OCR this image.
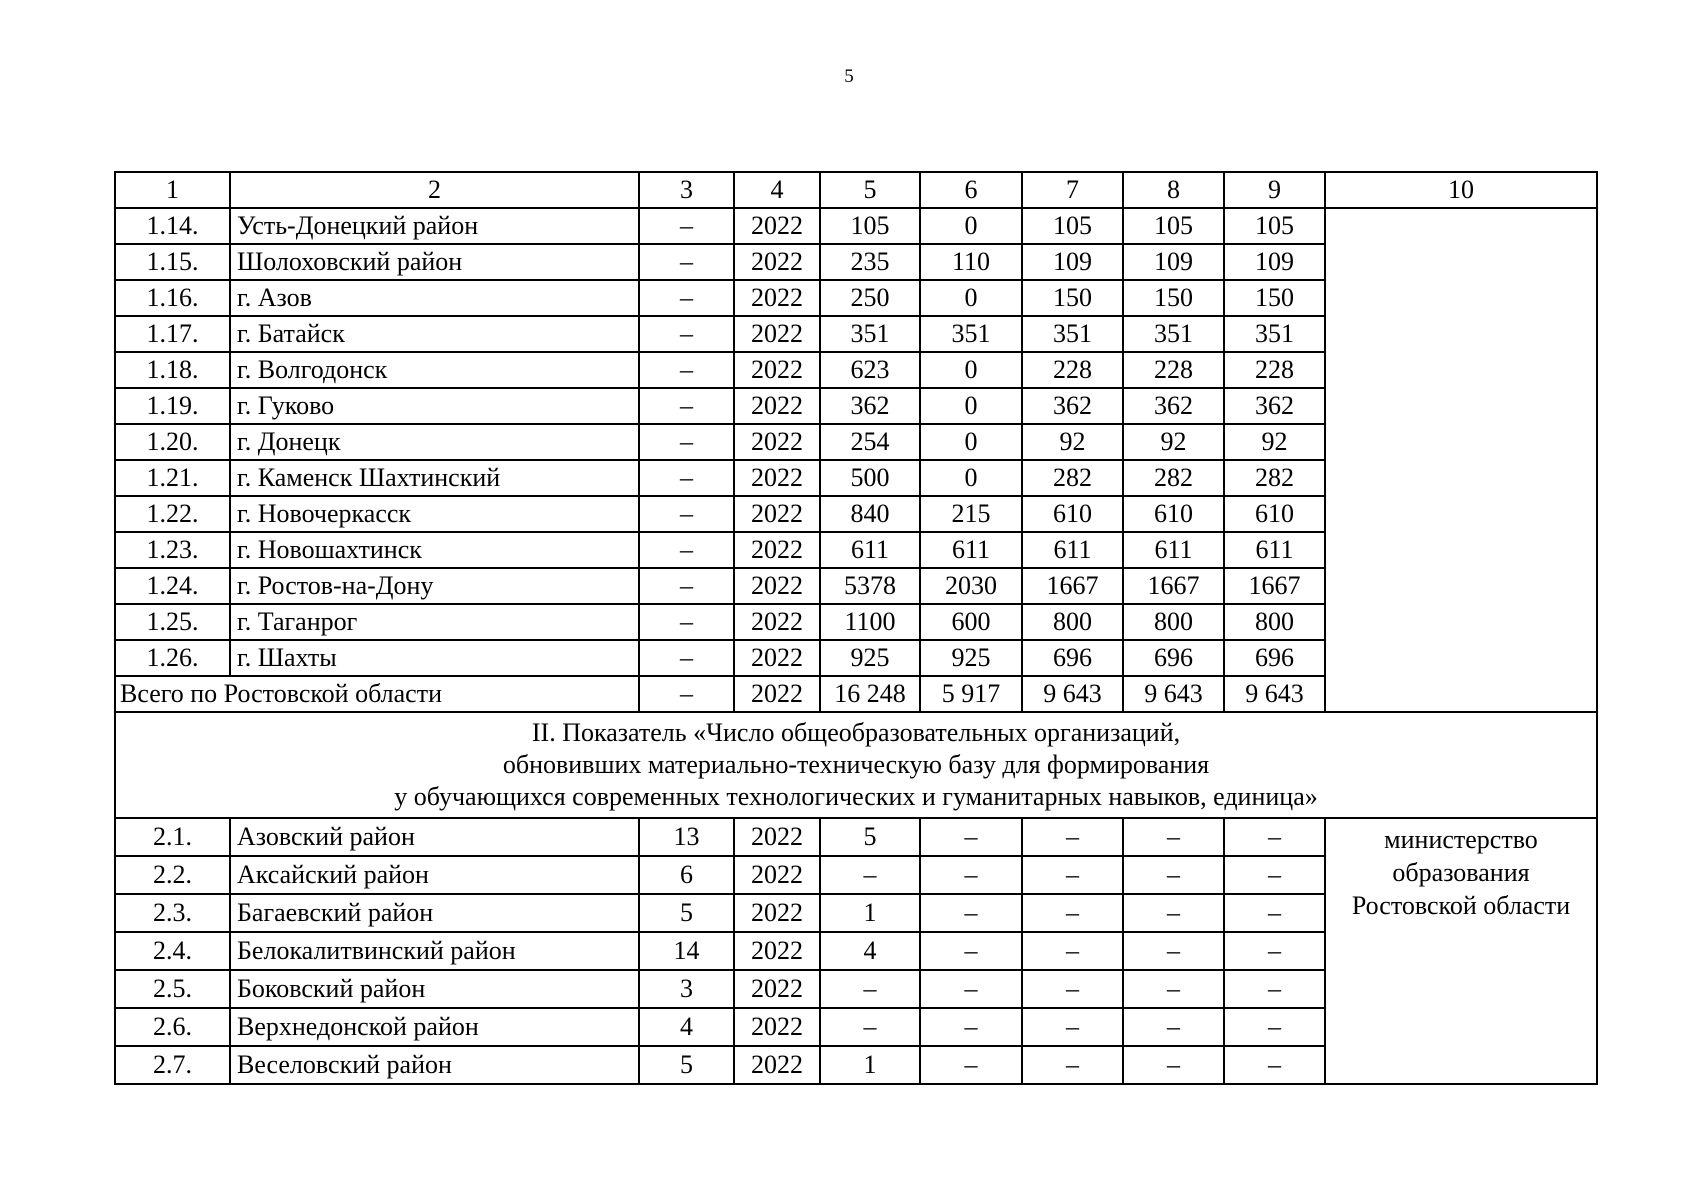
5
1	2	3	4	5	6	7	8	9	10
1.14.	Усть-Донецкий район	–	2022	105	0	105	105	105	
1.15.	Шолоховский район	–	2022	235	110	109	109	109	
1.16.	г. Азов	–	2022	250	0	150	150	150	
1.17.	г. Батайск	–	2022	351	351	351	351	351	
1.18.	г. Волгодонск	–	2022	623	0	228	228	228	
1.19.	г. Гуково	–	2022	362	0	362	362	362	
1.20.	г. Донецк	–	2022	254	0	92	92	92	
1.21.	г. Каменск Шахтинский	–	2022	500	0	282	282	282	
1.22.	г. Новочеркасск	–	2022	840	215	610	610	610	
1.23.	г. Новошахтинск	–	2022	611	611	611	611	611	
1.24.	г. Ростов-на-Дону	–	2022	5378	2030	1667	1667	1667	
1.25.	г. Таганрог	–	2022	1100	600	800	800	800	
1.26.	г. Шахты	–	2022	925	925	696	696	696	
Всего по Ростовской области		–	2022	16 248	5 917	9 643	9 643	9 643	

II. Показатель «Число общеобразовательных организаций,
обновивших материально-техническую базу для формирования
у обучающихся современных технологических и гуманитарных навыков, единица»									

2.1.	Азовский район	13	2022	5	–	–	–	–	министерство
образования
Ростовской области

2.2.	Аксайский район	6	2022	–	–	–	–	–	
2.3.	Багаевский район	5	2022	1	–	–	–	–	
2.4.	Белокалитвинский район	14	2022	4	–	–	–	–	
2.5.	Боковский район	3	2022	–	–	–	–	–	
2.6.	Верхнедонской район	4	2022	–	–	–	–	–	
2.7.	Веселовский район	5	2022	1	–	–	–	–	
